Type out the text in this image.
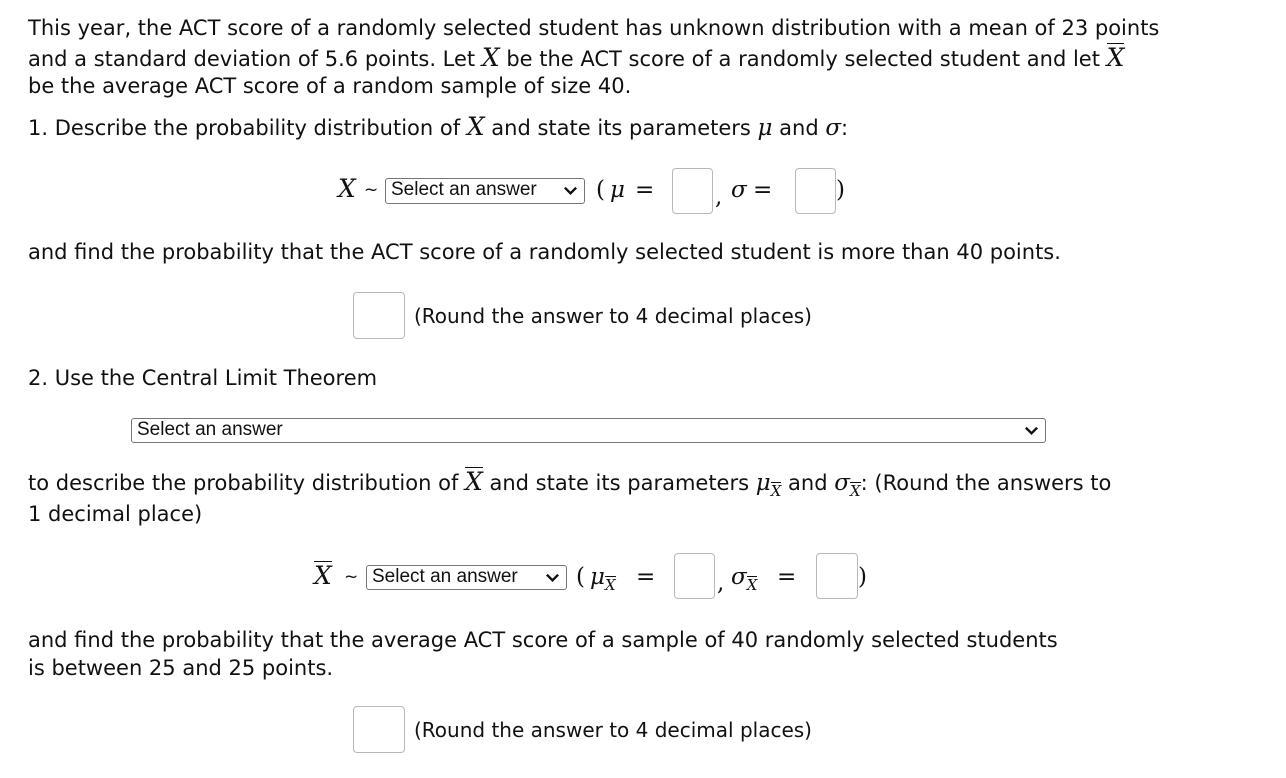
This year, the ACT score of a randomly selected student has unknown distribution with a mean of 23 points
and a standard deviation of 5.6 points. Let X be the ACT score of a randomly selected student and let X
be the average ACT score of a random sample of size 40.
1. Describe the probability distribution of X and state its parameters μ and σ:
X ~ Select an answer	( μ =	, σ =	)
and find the probability that the ACT score of a randomly selected student is more than 40 points.
(Round the answer to 4 decimal places)
2. Use the Central Limit Theorem
Select an answer
to describe the probability distribution of X and state its parameters μX and σX: (Round the answers to
1 decimal place)
X ~ Select an answer	( μX =	, σX =	)
and find the probability that the average ACT score of a sample of 40 randomly selected students
is between 25 and 25 points.
(Round the answer to 4 decimal places)
